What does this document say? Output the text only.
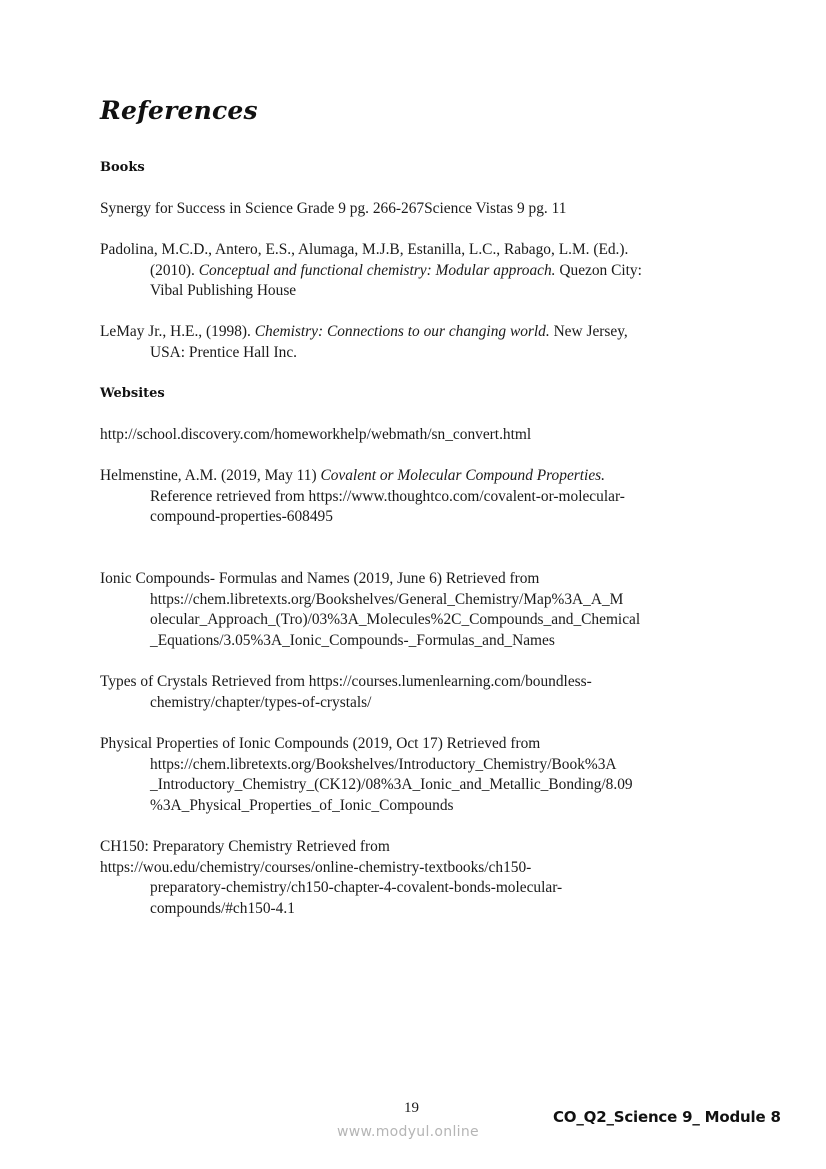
References
Books

Synergy for Success in Science Grade 9 pg. 266-267Science Vistas 9 pg. 11

Padolina, M.C.D., Antero, E.S., Alumaga, M.J.B, Estanilla, L.C., Rabago, L.M. (Ed.).
(2010). Conceptual and functional chemistry: Modular approach. Quezon City:
Vibal Publishing House

LeMay Jr., H.E., (1998). Chemistry: Connections to our changing world. New Jersey,
USA: Prentice Hall Inc.

Websites

http://school.discovery.com/homeworkhelp/webmath/sn_convert.html

Helmenstine, A.M. (2019, May 11) Covalent or Molecular Compound Properties.
Reference retrieved from https://www.thoughtco.com/covalent-or-molecular-
compound-properties-608495

Ionic Compounds- Formulas and Names (2019, June 6) Retrieved from
https://chem.libretexts.org/Bookshelves/General_Chemistry/Map%3A_A_M
olecular_Approach_(Tro)/03%3A_Molecules%2C_Compounds_and_Chemical
_Equations/3.05%3A_Ionic_Compounds-_Formulas_and_Names

Types of Crystals Retrieved from https://courses.lumenlearning.com/boundless-
chemistry/chapter/types-of-crystals/

Physical Properties of Ionic Compounds (2019, Oct 17) Retrieved from
https://chem.libretexts.org/Bookshelves/Introductory_Chemistry/Book%3A
_Introductory_Chemistry_(CK12)/08%3A_Ionic_and_Metallic_Bonding/8.09
%3A_Physical_Properties_of_Ionic_Compounds

CH150: Preparatory Chemistry Retrieved from
https://wou.edu/chemistry/courses/online-chemistry-textbooks/ch150-
preparatory-chemistry/ch150-chapter-4-covalent-bonds-molecular-
compounds/#ch150-4.1

19	CO_Q2_Science 9_ Module 8
www.modyul.online
